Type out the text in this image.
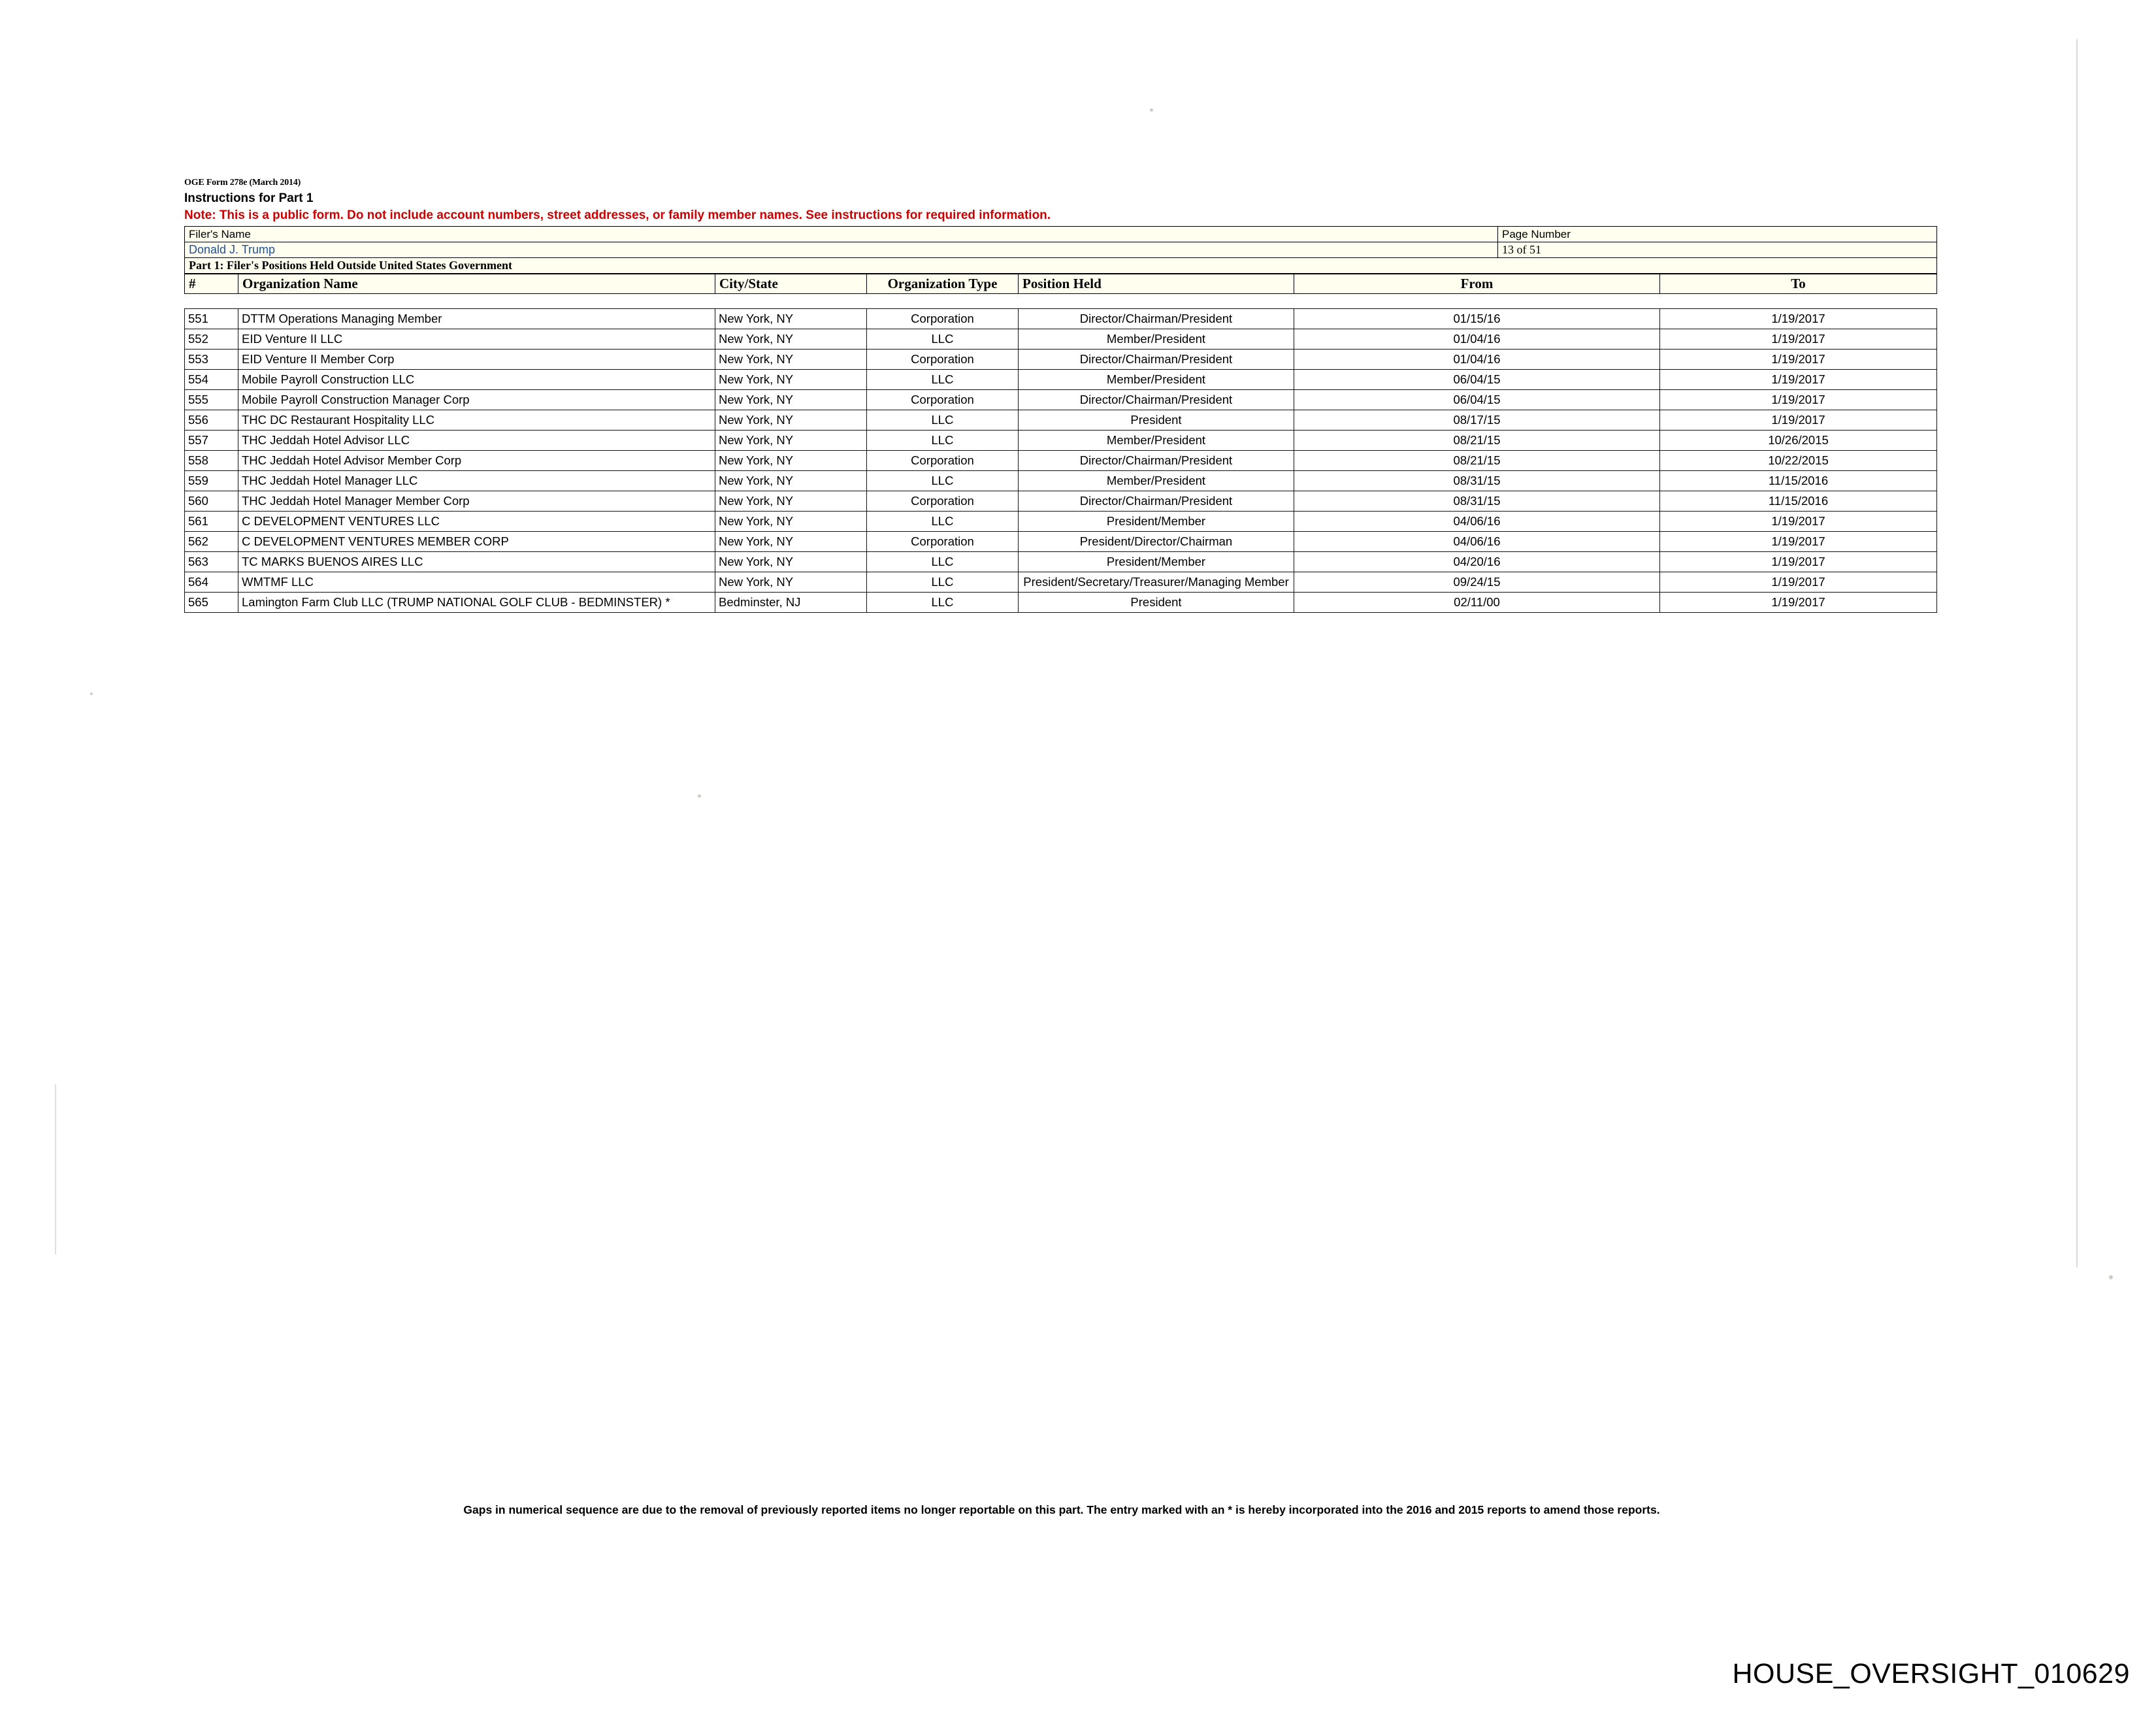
OGE Form 278e (March 2014)
Instructions for Part 1
Note: This is a public form. Do not include account numbers, street addresses, or family member names. See instructions for required information.
Filer's Name	Page Number
Donald J. Trump	13 of 51
Part 1: Filer's Positions Held Outside United States Government	
#	Organization Name	City/State	Organization Type	Position Held	From	To
551	DTTM Operations Managing Member	New York, NY	Corporation	Director/Chairman/President	01/15/16	1/19/2017
552	EID Venture II LLC	New York, NY	LLC	Member/President	01/04/16	1/19/2017
553	EID Venture II Member Corp	New York, NY	Corporation	Director/Chairman/President	01/04/16	1/19/2017
554	Mobile Payroll Construction LLC	New York, NY	LLC	Member/President	06/04/15	1/19/2017
555	Mobile Payroll Construction Manager Corp	New York, NY	Corporation	Director/Chairman/President	06/04/15	1/19/2017
556	THC DC Restaurant Hospitality LLC	New York, NY	LLC	President	08/17/15	1/19/2017
557	THC Jeddah Hotel Advisor LLC	New York, NY	LLC	Member/President	08/21/15	10/26/2015
558	THC Jeddah Hotel Advisor Member Corp	New York, NY	Corporation	Director/Chairman/President	08/21/15	10/22/2015
559	THC Jeddah Hotel Manager LLC	New York, NY	LLC	Member/President	08/31/15	11/15/2016
560	THC Jeddah Hotel Manager Member Corp	New York, NY	Corporation	Director/Chairman/President	08/31/15	11/15/2016
561	C DEVELOPMENT VENTURES LLC	New York, NY	LLC	President/Member	04/06/16	1/19/2017
562	C DEVELOPMENT VENTURES MEMBER CORP	New York, NY	Corporation	President/Director/Chairman	04/06/16	1/19/2017
563	TC MARKS BUENOS AIRES LLC	New York, NY	LLC	President/Member	04/20/16	1/19/2017
564	WMTMF LLC	New York, NY	LLC	President/Secretary/Treasurer/Managing Member	09/24/15	1/19/2017
565	Lamington Farm Club LLC (TRUMP NATIONAL GOLF CLUB - BEDMINSTER) *	Bedminster, NJ	LLC	President	02/11/00	1/19/2017
Gaps in numerical sequence are due to the removal of previously reported items no longer reportable on this part. The entry marked with an * is hereby incorporated into the 2016 and 2015 reports to amend those reports.
HOUSE_OVERSIGHT_010629
